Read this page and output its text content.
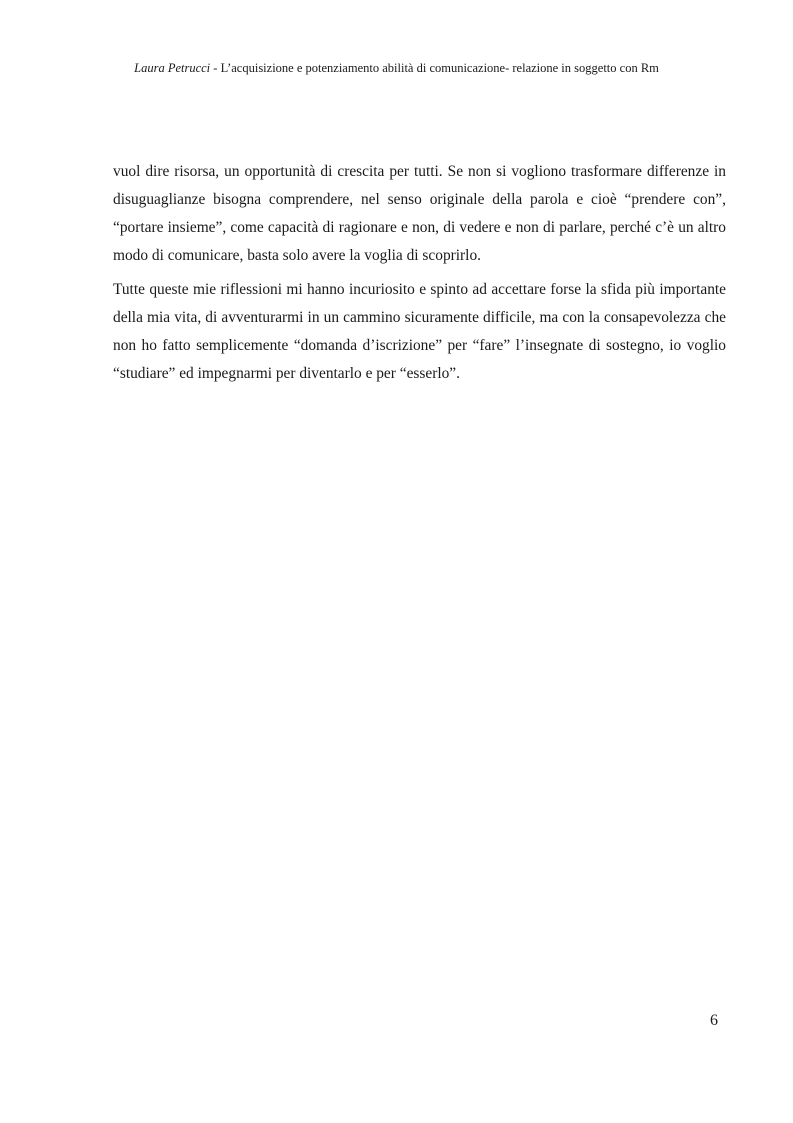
Laura Petrucci - L’acquisizione e potenziamento abilità di comunicazione- relazione in soggetto con Rm

vuol dire risorsa, un opportunità di crescita per tutti. Se non si vogliono trasformare differenze in disuguaglianze bisogna comprendere, nel senso originale della parola e cioè “prendere con”, “portare insieme”, come capacità di ragionare e non, di vedere e non di parlare, perché c’è un altro modo di comunicare, basta solo avere la voglia di scoprirlo.

Tutte queste mie riflessioni mi hanno incuriosito e spinto ad accettare forse la sfida più importante della mia vita, di avventurarmi in un cammino sicuramente difficile, ma con la consapevolezza che non ho fatto semplicemente “domanda d’iscrizione” per “fare” l’insegnate di sostegno, io voglio “studiare” ed impegnarmi per diventarlo e per “esserlo”.

6
